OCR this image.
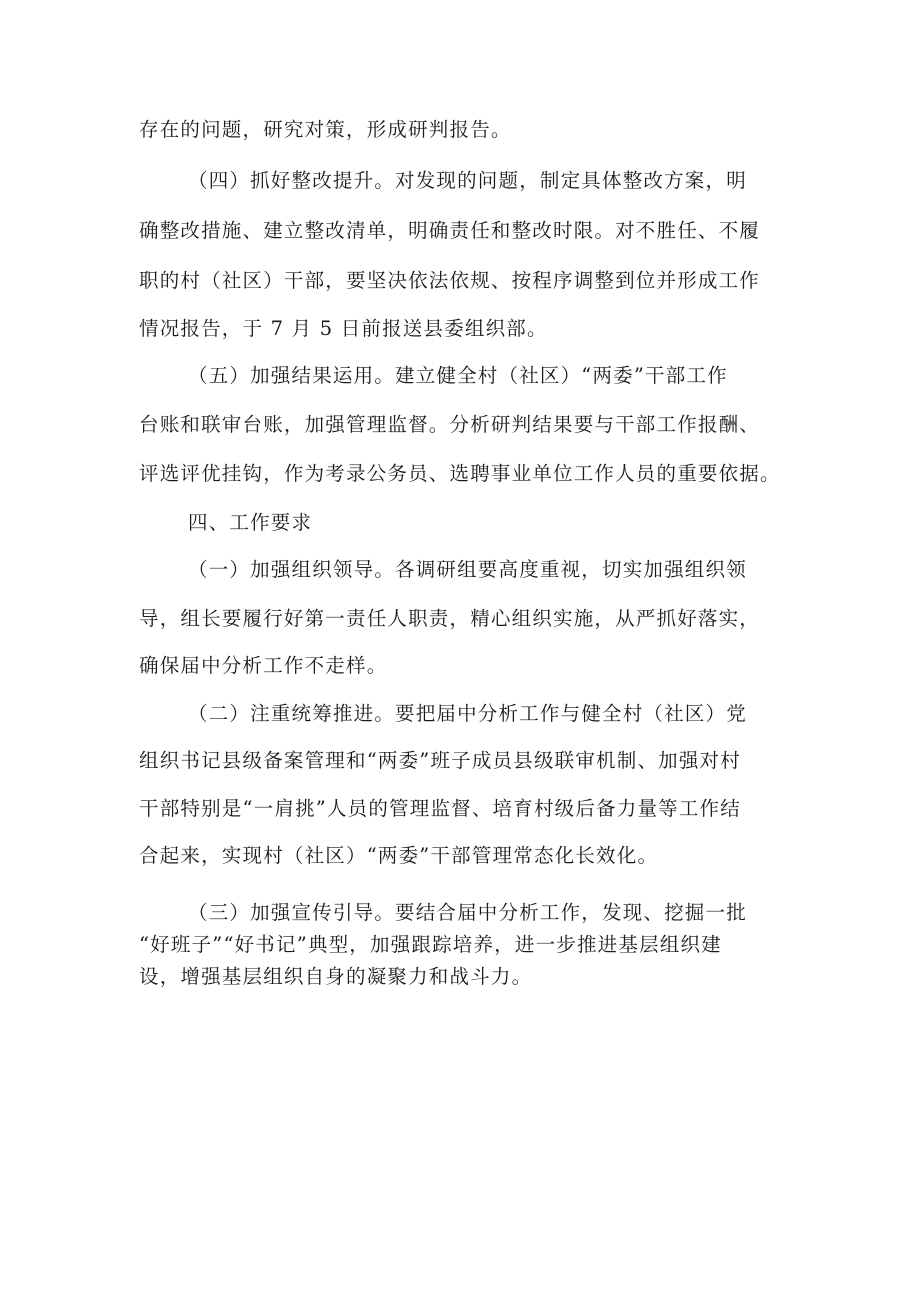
存在的问题，研究对策，形成研判报告。
（四）抓好整改提升。对发现的问题，制定具体整改方案，明
确整改措施、建立整改清单，明确责任和整改时限。对不胜任、不履
职的村（社区）干部，要坚决依法依规、按程序调整到位并形成工作
情况报告，于 7 月 5 日前报送县委组织部。
（五）加强结果运用。建立健全村（社区）“两委”干部工作
台账和联审台账，加强管理监督。分析研判结果要与干部工作报酬、
评选评优挂钩，作为考录公务员、选聘事业单位工作人员的重要依据。
四、工作要求
（一）加强组织领导。各调研组要高度重视，切实加强组织领
导，组长要履行好第一责任人职责，精心组织实施，从严抓好落实，
确保届中分析工作不走样。
（二）注重统筹推进。要把届中分析工作与健全村（社区）党
组织书记县级备案管理和“两委”班子成员县级联审机制、加强对村
干部特别是“一肩挑”人员的管理监督、培育村级后备力量等工作结
合起来，实现村（社区）“两委”干部管理常态化长效化。
（三）加强宣传引导。要结合届中分析工作，发现、挖掘一批
“好班子”“好书记”典型，加强跟踪培养，进一步推进基层组织建
设，增强基层组织自身的凝聚力和战斗力。
